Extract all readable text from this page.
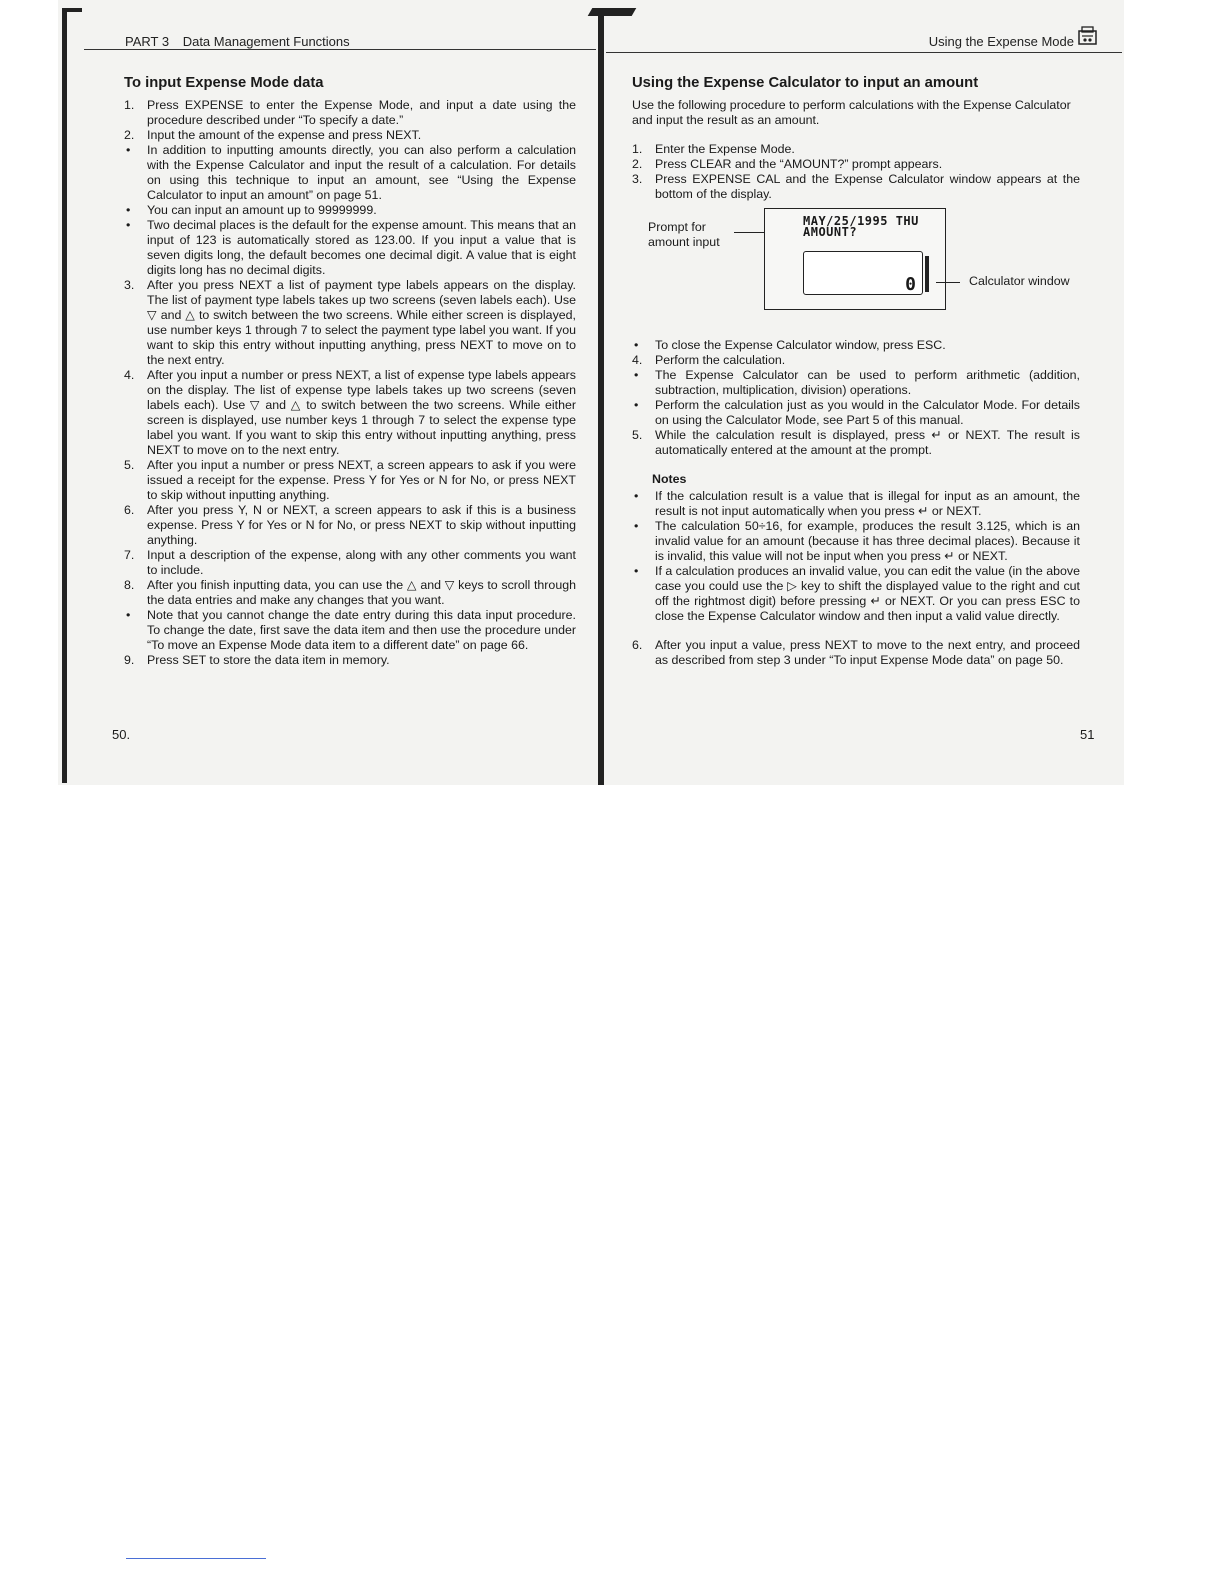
PART 3 Data Management Functions	Using the Expense Mode
To input Expense Mode data
1.	Press EXPENSE to enter the Expense Mode, and input a date using the procedure described under “To specify a date.”
2.	Input the amount of the expense and press NEXT.
•	In addition to inputting amounts directly, you can also perform a calculation with the Expense Calculator and input the result of a calculation. For details on using this technique to input an amount, see “Using the Expense Calculator to input an amount” on page 51.
•	You can input an amount up to 99999999.
•	Two decimal places is the default for the expense amount. This means that an input of 123 is automatically stored as 123.00. If you input a value that is seven digits long, the default becomes one decimal digit. A value that is eight digits long has no decimal digits.
3.	After you press NEXT a list of payment type labels appears on the display. The list of payment type labels takes up two screens (seven labels each). Use ▽ and △ to switch between the two screens. While either screen is displayed, use number keys 1 through 7 to select the payment type label you want. If you want to skip this entry without inputting anything, press NEXT to move on to the next entry.
4.	After you input a number or press NEXT, a list of expense type labels appears on the display. The list of expense type labels takes up two screens (seven labels each). Use ▽ and △ to switch between the two screens. While either screen is displayed, use number keys 1 through 7 to select the expense type label you want. If you want to skip this entry without inputting anything, press NEXT to move on to the next entry.
5.	After you input a number or press NEXT, a screen appears to ask if you were issued a receipt for the expense. Press Y for Yes or N for No, or press NEXT to skip without inputting anything.
6.	After you press Y, N or NEXT, a screen appears to ask if this is a business expense. Press Y for Yes or N for No, or press NEXT to skip without inputting anything.
7.	Input a description of the expense, along with any other comments you want to include.
8.	After you finish inputting data, you can use the △ and ▽ keys to scroll through the data entries and make any changes that you want.
•	Note that you cannot change the date entry during this data input procedure. To change the date, first save the data item and then use the procedure under “To move an Expense Mode data item to a different date” on page 66.
9.	Press SET to store the data item in memory.
Using the Expense Calculator to input an amount

Use the following procedure to perform calculations with the Expense Calculator and input the result as an amount.

1.	Enter the Expense Mode.
2.	Press CLEAR and the “AMOUNT?” prompt appears.
3.	Press EXPENSE CAL and the Expense Calculator window appears at the bottom of the display.
Prompt for
amount input
MAY/25/1995 THU
AMOUNT?
0	Calculator window
•	To close the Expense Calculator window, press ESC.
4.	Perform the calculation.
•	The Expense Calculator can be used to perform arithmetic (addition, subtraction, multiplication, division) operations.
•	Perform the calculation just as you would in the Calculator Mode. For details on using the Calculator Mode, see Part 5 of this manual.
5.	While the calculation result is displayed, press ↵ or NEXT. The result is automatically entered at the amount at the prompt.
Notes
•	If the calculation result is a value that is illegal for input as an amount, the result is not input automatically when you press ↵ or NEXT.
•	The calculation 50÷16, for example, produces the result 3.125, which is an invalid value for an amount (because it has three decimal places). Because it is invalid, this value will not be input when you press ↵ or NEXT.
•	If a calculation produces an invalid value, you can edit the value (in the above case you could use the ▷ key to shift the displayed value to the right and cut off the rightmost digit) before pressing ↵ or NEXT. Or you can press ESC to close the Expense Calculator window and then input a valid value directly.
6.	After you input a value, press NEXT to move to the next entry, and proceed as described from step 3 under “To input Expense Mode data” on page 50.
50.	51
